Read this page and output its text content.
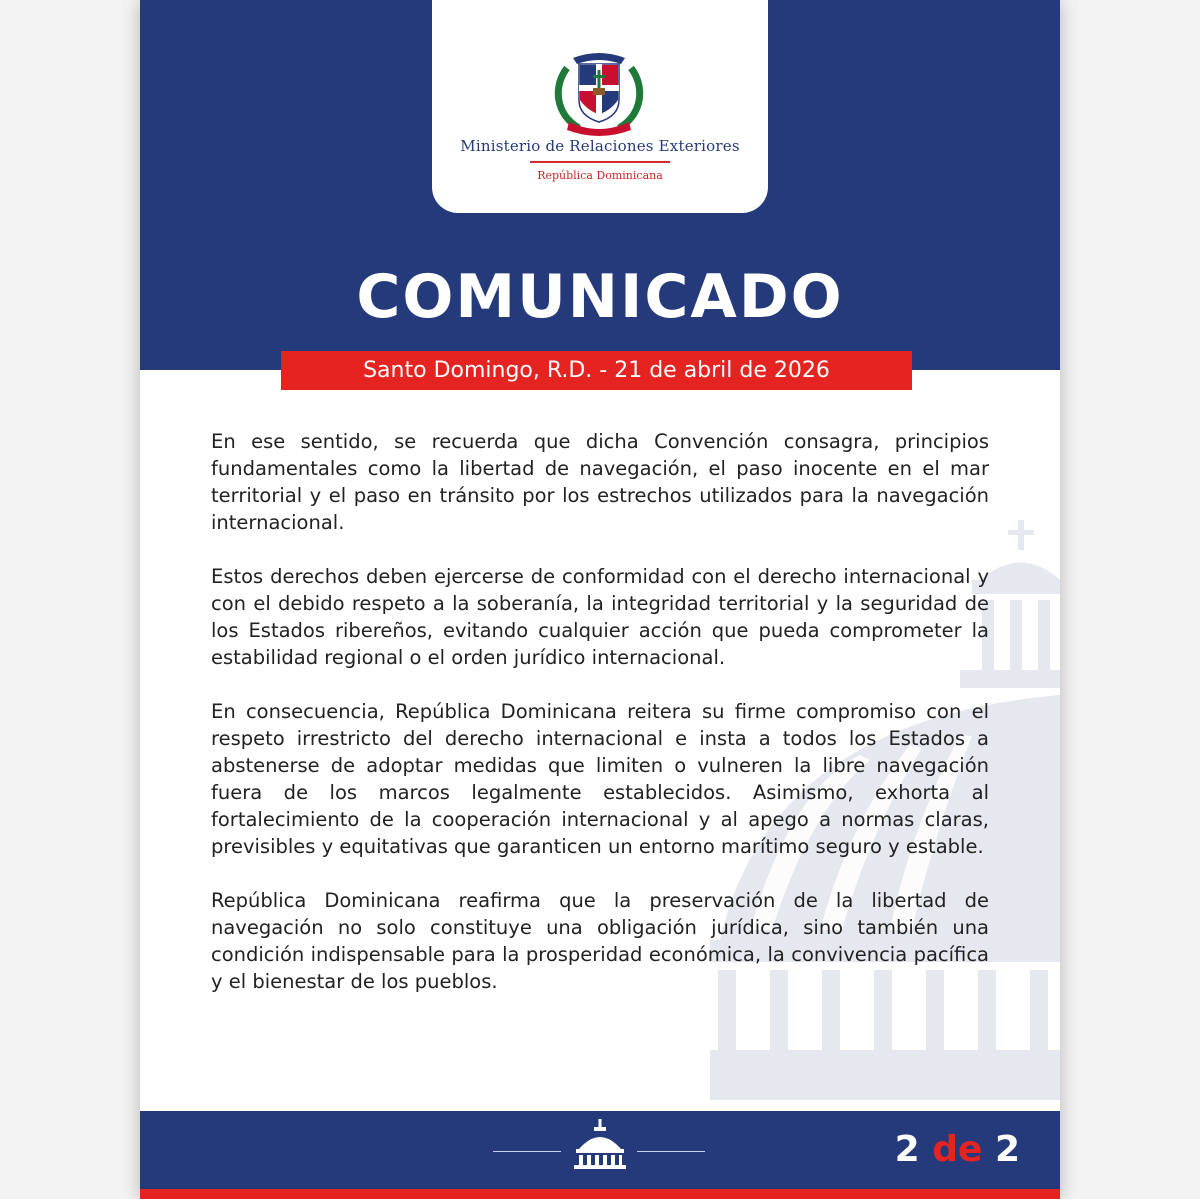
Ministerio de Relaciones Exteriores
República Dominicana
COMUNICADO
Santo Domingo, R.D. - 21 de abril de 2026

En ese sentido, se recuerda que dicha Convención consagra, principios fundamentales como la libertad de navegación, el paso inocente en el mar territorial y el paso en tránsito por los estrechos utilizados para la navegación internacional.

Estos derechos deben ejercerse de conformidad con el derecho internacional y con el debido respeto a la soberanía, la integridad territorial y la seguridad de los Estados ribereños, evitando cualquier acción que pueda comprometer la estabilidad regional o el orden jurídico internacional.

En consecuencia, República Dominicana reitera su firme compromiso con el respeto irrestricto del derecho internacional e insta a todos los Estados a abstenerse de adoptar medidas que limiten o vulneren la libre navegación fuera de los marcos legalmente establecidos. Asimismo, exhorta al fortalecimiento de la cooperación internacional y al apego a normas claras, previsibles y equitativas que garanticen un entorno marítimo seguro y estable.

República Dominicana reafirma que la preservación de la libertad de navegación no solo constituye una obligación jurídica, sino también una condición indispensable para la prosperidad económica, la convivencia pacífica y el bienestar de los pueblos.

2 de 2
